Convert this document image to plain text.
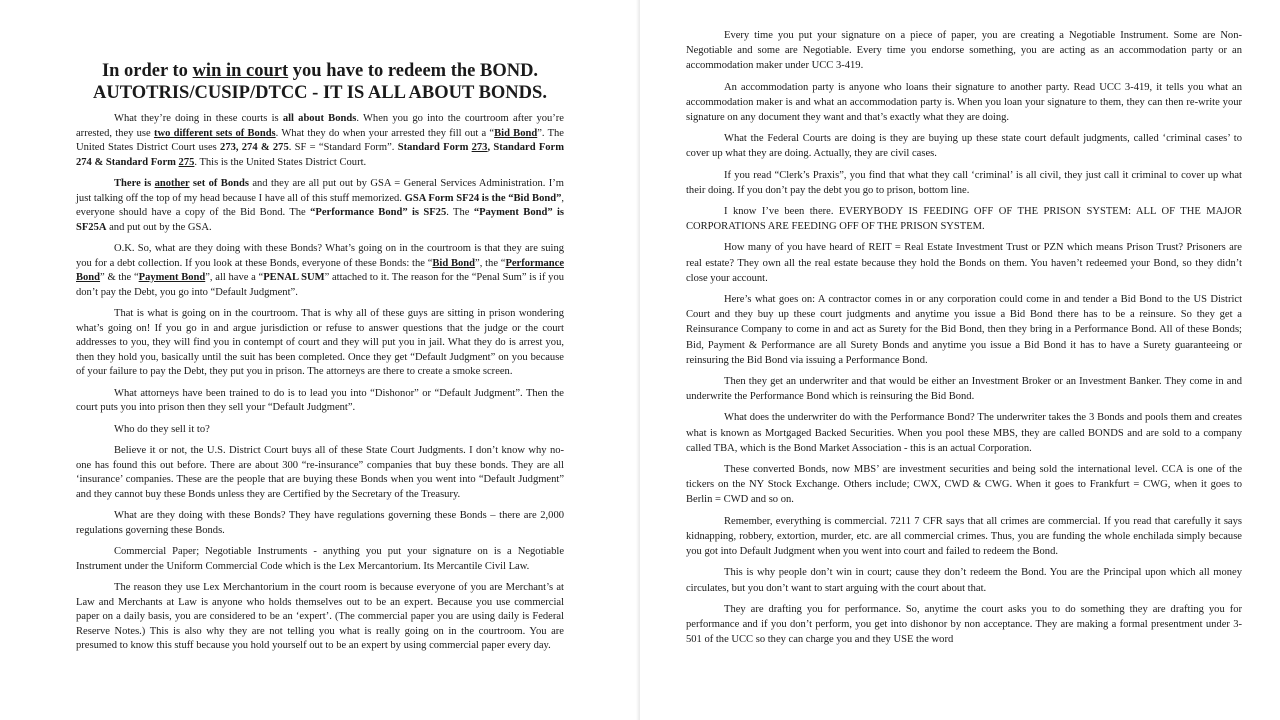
In order to win in court you have to redeem the BOND.
AUTOTRIS/CUSIP/DTCC - IT IS ALL ABOUT BONDS.

What they’re doing in these courts is all about Bonds. When you go into the courtroom after you’re arrested, they use two different sets of Bonds. What they do when your arrested they fill out a “Bid Bond”. The United States District Court uses 273, 274 & 275. SF = “Standard Form”. Standard Form 273, Standard Form 274 & Standard Form 275. This is the United States District Court.

There is another set of Bonds and they are all put out by GSA = General Services Administration. I’m just talking off the top of my head because I have all of this stuff memorized. GSA Form SF24 is the “Bid Bond”, everyone should have a copy of the Bid Bond. The “Performance Bond” is SF25. The “Payment Bond” is SF25A and put out by the GSA.

O.K. So, what are they doing with these Bonds? What’s going on in the courtroom is that they are suing you for a debt collection. If you look at these Bonds, everyone of these Bonds: the “Bid Bond”, the “Performance Bond” & the “Payment Bond”, all have a “PENAL SUM” attached to it. The reason for the “Penal Sum” is if you don’t pay the Debt, you go into “Default Judgment”.

That is what is going on in the courtroom. That is why all of these guys are sitting in prison wondering what’s going on! If you go in and argue jurisdiction or refuse to answer questions that the judge or the court addresses to you, they will find you in contempt of court and they will put you in jail. What they do is arrest you, then they hold you, basically until the suit has been completed. Once they get “Default Judgment” on you because of your failure to pay the Debt, they put you in prison. The attorneys are there to create a smoke screen.

What attorneys have been trained to do is to lead you into “Dishonor” or “Default Judgment”. Then the court puts you into prison then they sell your “Default Judgment”.

Who do they sell it to?

Believe it or not, the U.S. District Court buys all of these State Court Judgments. I don’t know why no-one has found this out before. There are about 300 “re-insurance” companies that buy these bonds. They are all ‘insurance’ companies. These are the people that are buying these Bonds when you went into “Default Judgment” and they cannot buy these Bonds unless they are Certified by the Secretary of the Treasury.

What are they doing with these Bonds? They have regulations governing these Bonds – there are 2,000 regulations governing these Bonds.

Commercial Paper; Negotiable Instruments - anything you put your signature on is a Negotiable Instrument under the Uniform Commercial Code which is the Lex Mercantorium. Its Mercantile Civil Law.

The reason they use Lex Merchantorium in the court room is because everyone of you are Merchant’s at Law and Merchants at Law is anyone who holds themselves out to be an expert. Because you use commercial paper on a daily basis, you are considered to be an ‘expert’. (The commercial paper you are using daily is Federal Reserve Notes.) This is also why they are not telling you what is really going on in the courtroom. You are presumed to know this stuff because you hold yourself out to be an expert by using commercial paper every day.

Every time you put your signature on a piece of paper, you are creating a Negotiable Instrument. Some are Non-Negotiable and some are Negotiable. Every time you endorse something, you are acting as an accommodation party or an accommodation maker under UCC 3-419.

An accommodation party is anyone who loans their signature to another party. Read UCC 3-419, it tells you what an accommodation maker is and what an accommodation party is. When you loan your signature to them, they can then re-write your signature on any document they want and that’s exactly what they are doing.

What the Federal Courts are doing is they are buying up these state court default judgments, called ‘criminal cases’ to cover up what they are doing. Actually, they are civil cases.

If you read “Clerk’s Praxis”, you find that what they call ‘criminal’ is all civil, they just call it criminal to cover up what their doing. If you don’t pay the debt you go to prison, bottom line.

I know I’ve been there. EVERYBODY IS FEEDING OFF OF THE PRISON SYSTEM: ALL OF THE MAJOR CORPORATIONS ARE FEEDING OFF OF THE PRISON SYSTEM.

How many of you have heard of REIT = Real Estate Investment Trust or PZN which means Prison Trust? Prisoners are real estate? They own all the real estate because they hold the Bonds on them. You haven’t redeemed your Bond, so they didn’t close your account.

Here’s what goes on: A contractor comes in or any corporation could come in and tender a Bid Bond to the US District Court and they buy up these court judgments and anytime you issue a Bid Bond there has to be a reinsure. So they get a Reinsurance Company to come in and act as Surety for the Bid Bond, then they bring in a Performance Bond. All of these Bonds; Bid, Payment & Performance are all Surety Bonds and anytime you issue a Bid Bond it has to have a Surety guaranteeing or reinsuring the Bid Bond via issuing a Performance Bond.

Then they get an underwriter and that would be either an Investment Broker or an Investment Banker. They come in and underwrite the Performance Bond which is reinsuring the Bid Bond.

What does the underwriter do with the Performance Bond? The underwriter takes the 3 Bonds and pools them and creates what is known as Mortgaged Backed Securities. When you pool these MBS, they are called BONDS and are sold to a company called TBA, which is the Bond Market Association - this is an actual Corporation.

These converted Bonds, now MBS’ are investment securities and being sold the international level. CCA is one of the tickers on the NY Stock Exchange. Others include; CWX, CWD & CWG. When it goes to Frankfurt = CWG, when it goes to Berlin = CWD and so on.

Remember, everything is commercial. 7211 7 CFR says that all crimes are commercial. If you read that carefully it says kidnapping, robbery, extortion, murder, etc. are all commercial crimes. Thus, you are funding the whole enchilada simply because you got into Default Judgment when you went into court and failed to redeem the Bond.

This is why people don’t win in court; cause they don’t redeem the Bond. You are the Principal upon which all money circulates, but you don’t want to start arguing with the court about that.

They are drafting you for performance. So, anytime the court asks you to do something they are drafting you for performance and if you don’t perform, you get into dishonor by non acceptance. They are making a formal presentment under 3-501 of the UCC so they can charge you and they USE the word
